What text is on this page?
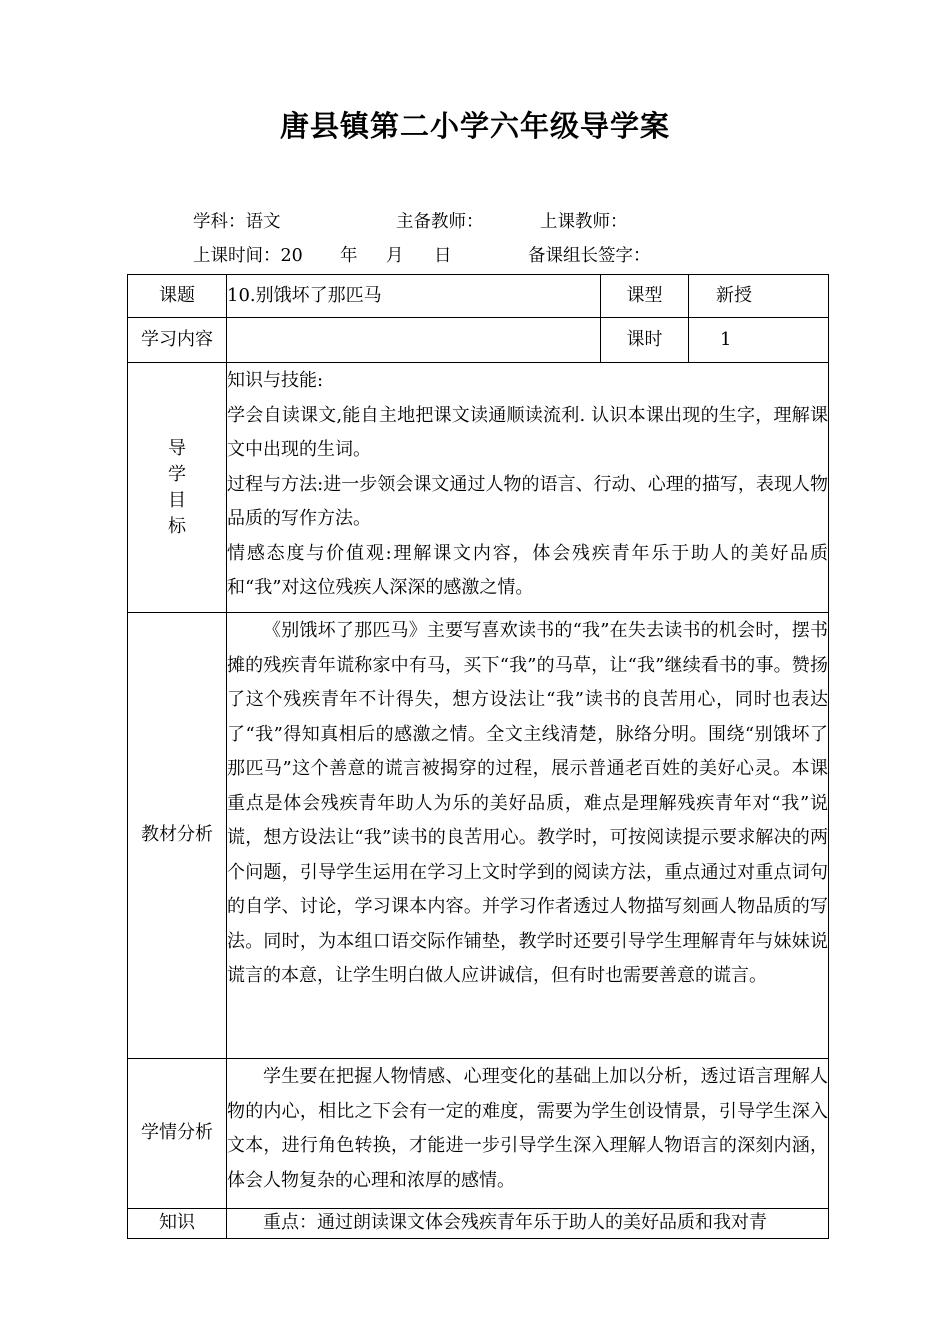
唐县镇第二小学六年级导学案
学科：语文	主备教师：	上课教师：
上课时间：20 年 月 日	备课组长签字：
课题	10.别饿坏了那匹马	课型	新授
学习内容		课时	1

导
学
目
标	知识与技能:
学会自读课文,能自主地把课文读通顺读流利. 认识本课出现的生字，理解课文中出现的生词。
过程与方法:进一步领会课文通过人物的语言、行动、心理的描写，表现人物品质的写作方法。
情感态度与价值观:理解课文内容，体会残疾青年乐于助人的美好品质和“我”对这位残疾人深深的感激之情。		

教材分析	《别饿坏了那匹马》主要写喜欢读书的“我”在失去读书的机会时，摆书摊的残疾青年谎称家中有马，买下“我”的马草，让“我”继续看书的事。赞扬了这个残疾青年不计得失，想方设法让“我”读书的良苦用心，同时也表达了“我”得知真相后的感激之情。全文主线清楚，脉络分明。围绕“别饿坏了那匹马”这个善意的谎言被揭穿的过程，展示普通老百姓的美好心灵。本课重点是体会残疾青年助人为乐的美好品质，难点是理解残疾青年对“我”说谎，想方设法让“我”读书的良苦用心。教学时，可按阅读提示要求解决的两个问题，引导学生运用在学习上文时学到的阅读方法，重点通过对重点词句的自学、讨论，学习课本内容。并学习作者透过人物描写刻画人物品质的写法。同时，为本组口语交际作铺垫，教学时还要引导学生理解青年与妹妹说谎言的本意，让学生明白做人应讲诚信，但有时也需要善意的谎言。		

学情分析	学生要在把握人物情感、心理变化的基础上加以分析，透过语言理解人物的内心，相比之下会有一定的难度，需要为学生创设情景，引导学生深入文本，进行角色转换，才能进一步引导学生深入理解人物语言的深刻内涵，体会人物复杂的心理和浓厚的感情。		

知识	重点：通过朗读课文体会残疾青年乐于助人的美好品质和我对青		
